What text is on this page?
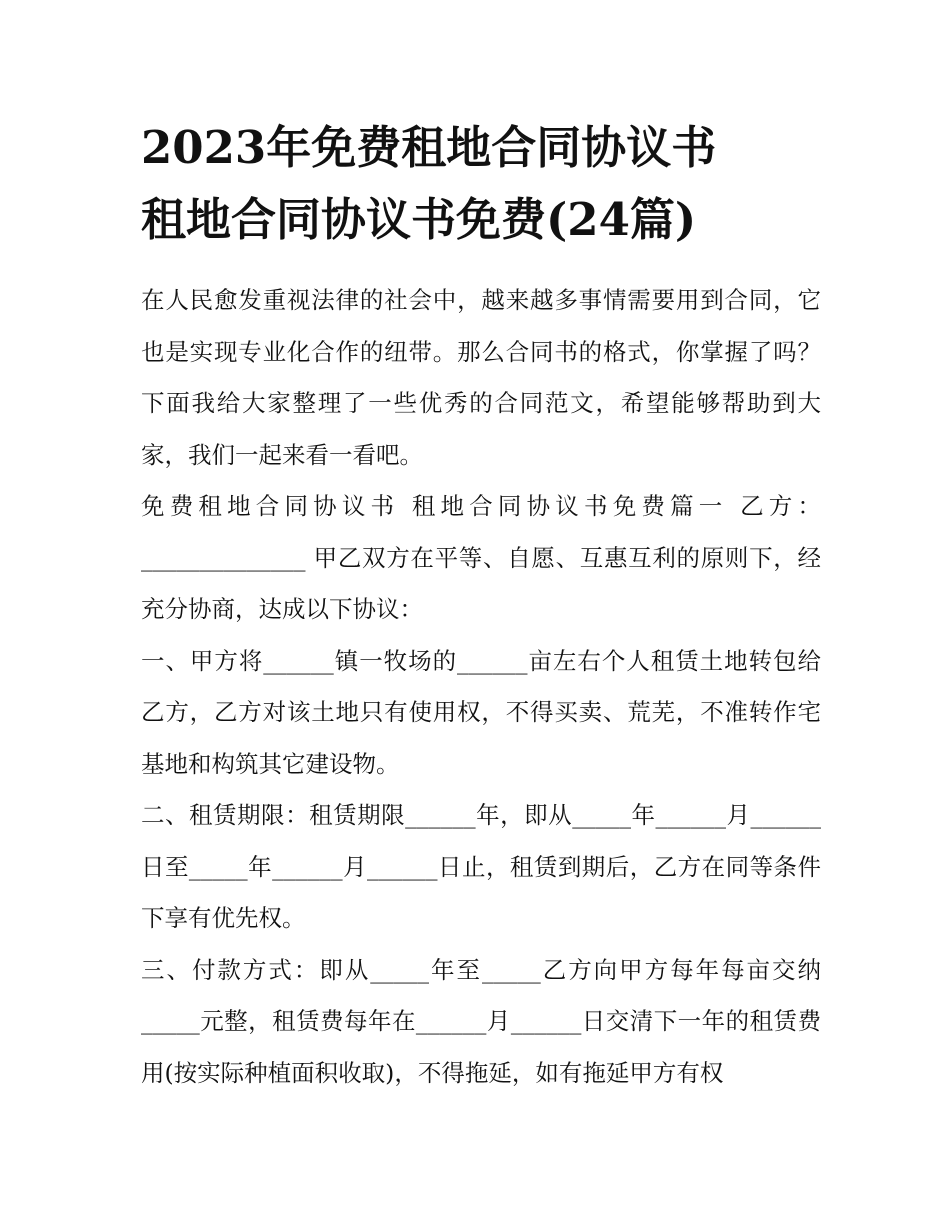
2023年免费租地合同协议书
租地合同协议书免费(24篇)

在人民愈发重视法律的社会中，越来越多事情需要用到合同，它也是实现专业化合作的纽带。那么合同书的格式，你掌握了吗？下面我给大家整理了一些优秀的合同范文，希望能够帮助到大家，我们一起来看一看吧。

免费租地合同协议书 租地合同协议书免费篇一 乙方：______________ 甲乙双方在平等、自愿、互惠互利的原则下，经充分协商，达成以下协议：

一、甲方将______镇一牧场的______亩左右个人租赁土地转包给乙方，乙方对该土地只有使用权，不得买卖、荒芜，不准转作宅基地和构筑其它建设物。

二、租赁期限：租赁期限______年，即从_____年______月______日至_____年______月______日止，租赁到期后，乙方在同等条件下享有优先权。

三、付款方式：即从_____年至_____乙方向甲方每年每亩交纳_____元整，租赁费每年在______月______日交清下一年的租赁费用(按实际种植面积收取)，不得拖延，如有拖延甲方有权
